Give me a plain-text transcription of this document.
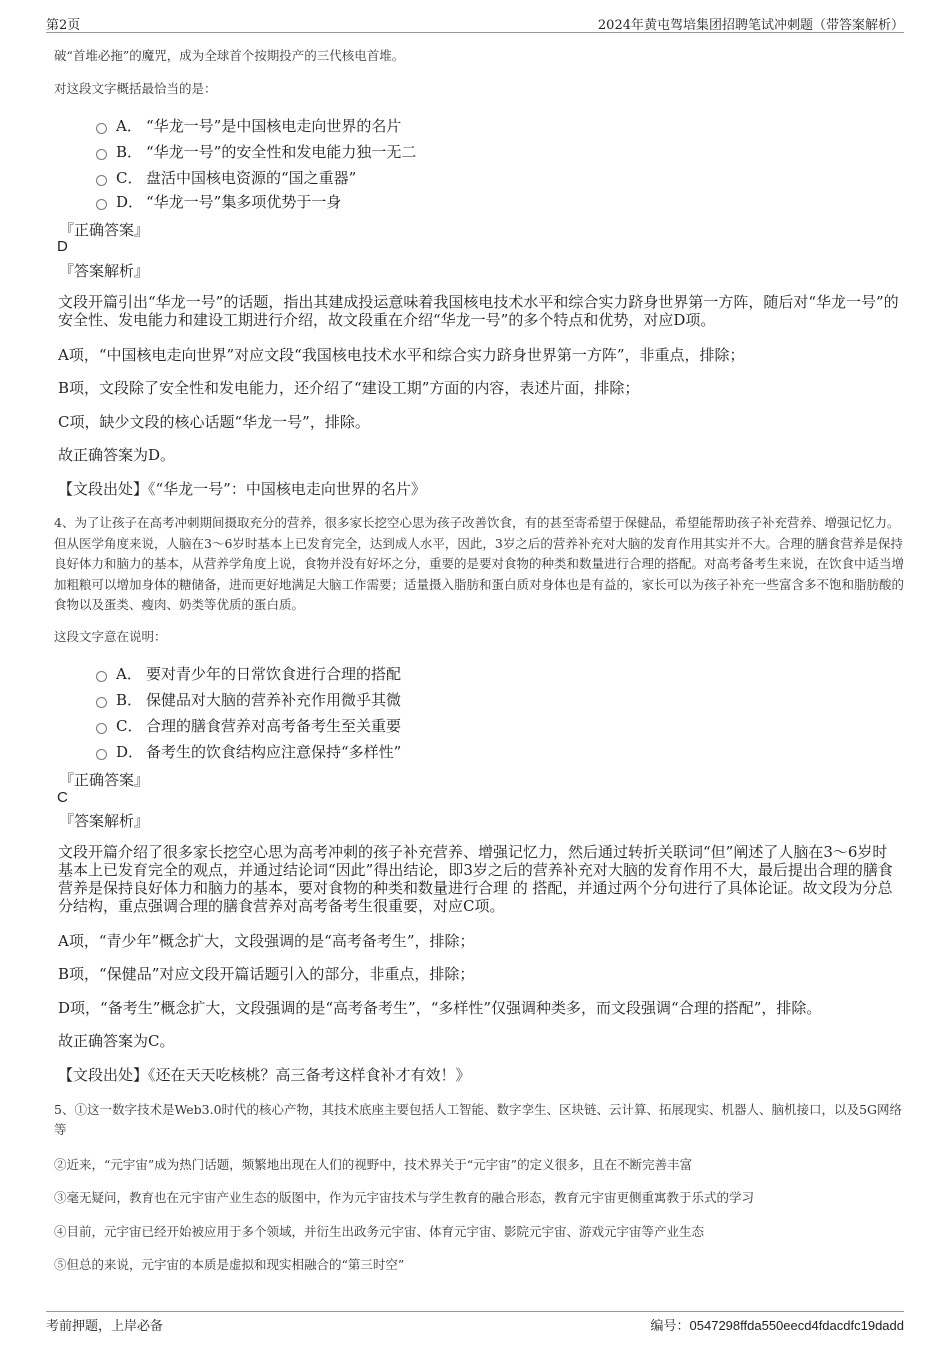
第2页	2024年黄屯驾培集团招聘笔试冲刺题（带答案解析）
破“首堆必拖”的魔咒，成为全球首个按期投产的三代核电首堆。
对这段文字概括最恰当的是：
A． “华龙一号”是中国核电走向世界的名片
B． “华龙一号”的安全性和发电能力独一无二
C． 盘活中国核电资源的“国之重器”
D． “华龙一号”集多项优势于一身
『正确答案』
D
『答案解析』
文段开篇引出“华龙一号”的话题，指出其建成投运意味着我国核电技术水平和综合实力跻身世界第一方阵，随后对“华龙一号”的安全性、发电能力和建设工期进行介绍，故文段重在介绍“华龙一号”的多个特点和优势，对应D项。
A项，“中国核电走向世界”对应文段“我国核电技术水平和综合实力跻身世界第一方阵”，非重点，排除；
B项，文段除了安全性和发电能力，还介绍了“建设工期”方面的内容，表述片面，排除；
C项，缺少文段的核心话题“华龙一号”，排除。
故正确答案为D。
【文段出处】《“华龙一号”：中国核电走向世界的名片》
4、为了让孩子在高考冲刺期间摄取充分的营养，很多家长挖空心思为孩子改善饮食，有的甚至寄希望于保健品，希望能帮助孩子补充营养、增强记忆力。但从医学角度来说，人脑在3～6岁时基本上已发育完全，达到成人水平，因此，3岁之后的营养补充对大脑的发育作用其实并不大。合理的膳食营养是保持良好体力和脑力的基本，从营养学角度上说，食物并没有好坏之分，重要的是要对食物的种类和数量进行合理的搭配。对高考备考生来说，在饮食中适当增加粗粮可以增加身体的糖储备，进而更好地满足大脑工作需要；适量摄入脂肪和蛋白质对身体也是有益的，家长可以为孩子补充一些富含多不饱和脂肪酸的食物以及蛋类、瘦肉、奶类等优质的蛋白质。
这段文字意在说明：
A． 要对青少年的日常饮食进行合理的搭配
B． 保健品对大脑的营养补充作用微乎其微
C． 合理的膳食营养对高考备考生至关重要
D． 备考生的饮食结构应注意保持“多样性”
『正确答案』
C
『答案解析』
文段开篇介绍了很多家长挖空心思为高考冲刺的孩子补充营养、增强记忆力，然后通过转折关联词“但”阐述了人脑在3～6岁时基本上已发育完全的观点，并通过结论词“因此”得出结论，即3岁之后的营养补充对大脑的发育作用不大，最后提出合理的膳食营养是保持良好体力和脑力的基本，要对食物的种类和数量进行合理 的 搭配，并通过两个分句进行了具体论证。故文段为分总分结构，重点强调合理的膳食营养对高考备考生很重要，对应C项。
A项，“青少年”概念扩大，文段强调的是“高考备考生”，排除；
B项，“保健品”对应文段开篇话题引入的部分，非重点，排除；
D项，“备考生”概念扩大，文段强调的是“高考备考生”，“多样性”仅强调种类多，而文段强调“合理的搭配”，排除。
故正确答案为C。
【文段出处】《还在天天吃核桃？高三备考这样食补才有效！》
5、①这一数字技术是Web3.0时代的核心产物，其技术底座主要包括人工智能、数字孪生、区块链、云计算、拓展现实、机器人、脑机接口，以及5G网络等
②近来，“元宇宙”成为热门话题，频繁地出现在人们的视野中，技术界关于“元宇宙”的定义很多，且在不断完善丰富
③毫无疑问，教育也在元宇宙产业生态的版图中，作为元宇宙技术与学生教育的融合形态，教育元宇宙更侧重寓教于乐式的学习
④目前，元宇宙已经开始被应用于多个领域，并衍生出政务元宇宙、体育元宇宙、影院元宇宙、游戏元宇宙等产业生态
⑤但总的来说，元宇宙的本质是虚拟和现实相融合的“第三时空”
考前押题，上岸必备	编号：0547298ffda550eecd4fdacdfc19dadd
